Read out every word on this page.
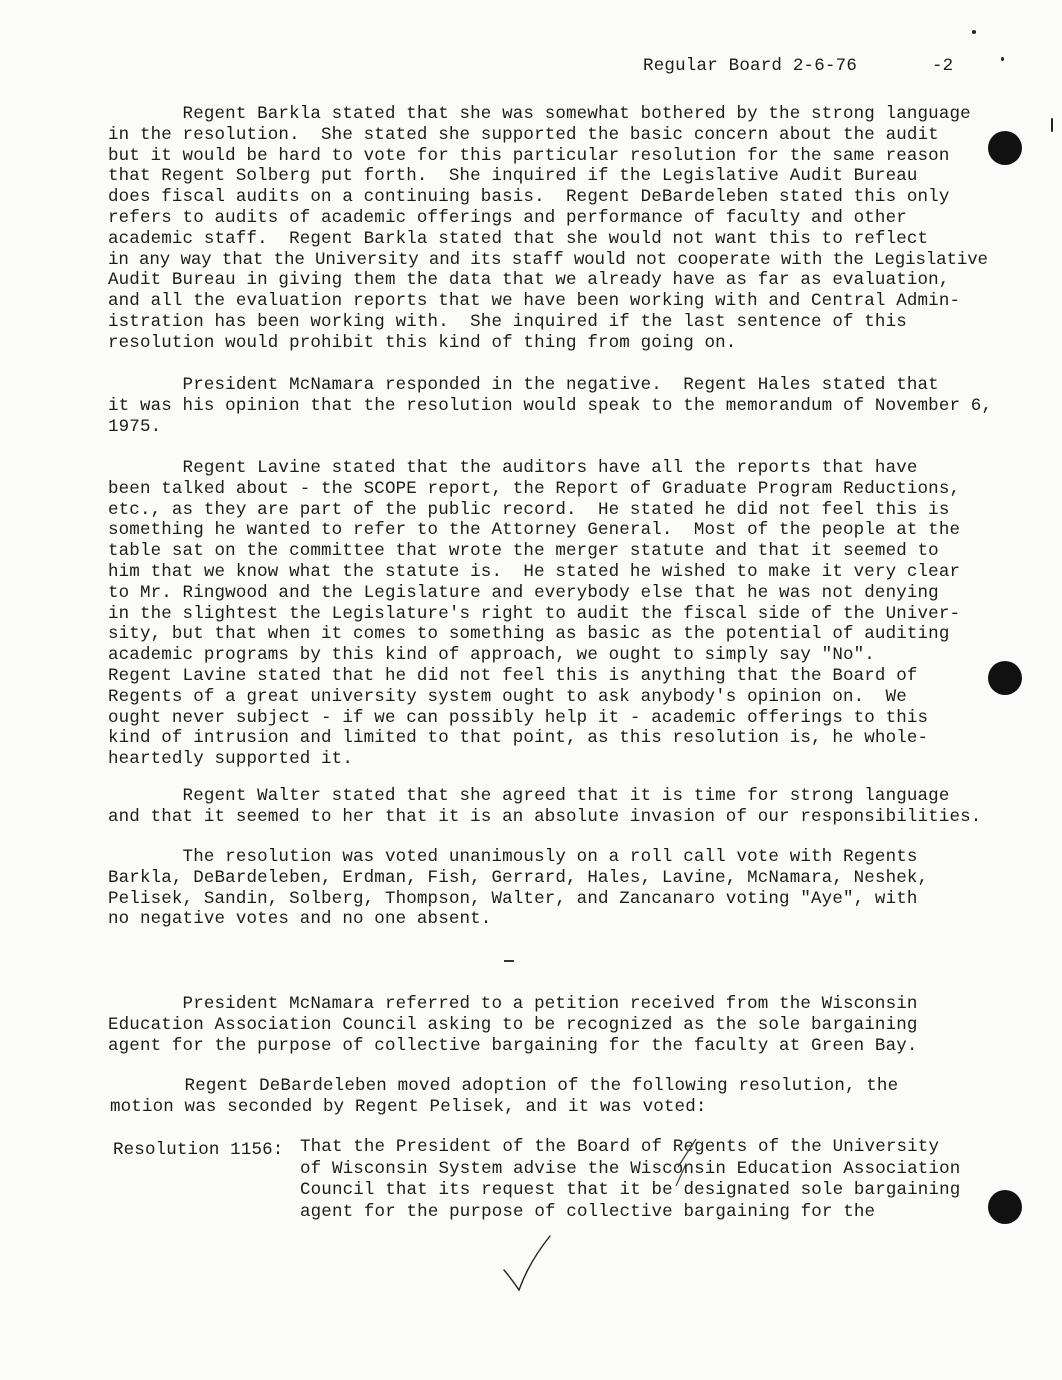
Regular Board 2-6-76	-2
Regent Barkla stated that she was somewhat bothered by the strong language
in the resolution.  She stated she supported the basic concern about the audit
but it would be hard to vote for this particular resolution for the same reason
that Regent Solberg put forth.  She inquired if the Legislative Audit Bureau
does fiscal audits on a continuing basis.  Regent DeBardeleben stated this only
refers to audits of academic offerings and performance of faculty and other
academic staff.  Regent Barkla stated that she would not want this to reflect
in any way that the University and its staff would not cooperate with the Legislative
Audit Bureau in giving them the data that we already have as far as evaluation,
and all the evaluation reports that we have been working with and Central Admin-
istration has been working with.  She inquired if the last sentence of this
resolution would prohibit this kind of thing from going on.
President McNamara responded in the negative.  Regent Hales stated that
it was his opinion that the resolution would speak to the memorandum of November 6,
1975.
Regent Lavine stated that the auditors have all the reports that have
been talked about - the SCOPE report, the Report of Graduate Program Reductions,
etc., as they are part of the public record.  He stated he did not feel this is
something he wanted to refer to the Attorney General.  Most of the people at the
table sat on the committee that wrote the merger statute and that it seemed to
him that we know what the statute is.  He stated he wished to make it very clear
to Mr. Ringwood and the Legislature and everybody else that he was not denying
in the slightest the Legislature's right to audit the fiscal side of the Univer-
sity, but that when it comes to something as basic as the potential of auditing
academic programs by this kind of approach, we ought to simply say "No".
Regent Lavine stated that he did not feel this is anything that the Board of
Regents of a great university system ought to ask anybody's opinion on.  We
ought never subject - if we can possibly help it - academic offerings to this
kind of intrusion and limited to that point, as this resolution is, he whole-
heartedly supported it.
Regent Walter stated that she agreed that it is time for strong language
and that it seemed to her that it is an absolute invasion of our responsibilities.
The resolution was voted unanimously on a roll call vote with Regents
Barkla, DeBardeleben, Erdman, Fish, Gerrard, Hales, Lavine, McNamara, Neshek,
Pelisek, Sandin, Solberg, Thompson, Walter, and Zancanaro voting "Aye", with
no negative votes and no one absent.
President McNamara referred to a petition received from the Wisconsin
Education Association Council asking to be recognized as the sole bargaining
agent for the purpose of collective bargaining for the faculty at Green Bay.
Regent DeBardeleben moved adoption of the following resolution, the
motion was seconded by Regent Pelisek, and it was voted:
Resolution 1156: That the President of the Board of Regents of the University
of Wisconsin System advise the Wisconsin Education Association
Council that its request that it be designated sole bargaining
agent for the purpose of collective bargaining for the
